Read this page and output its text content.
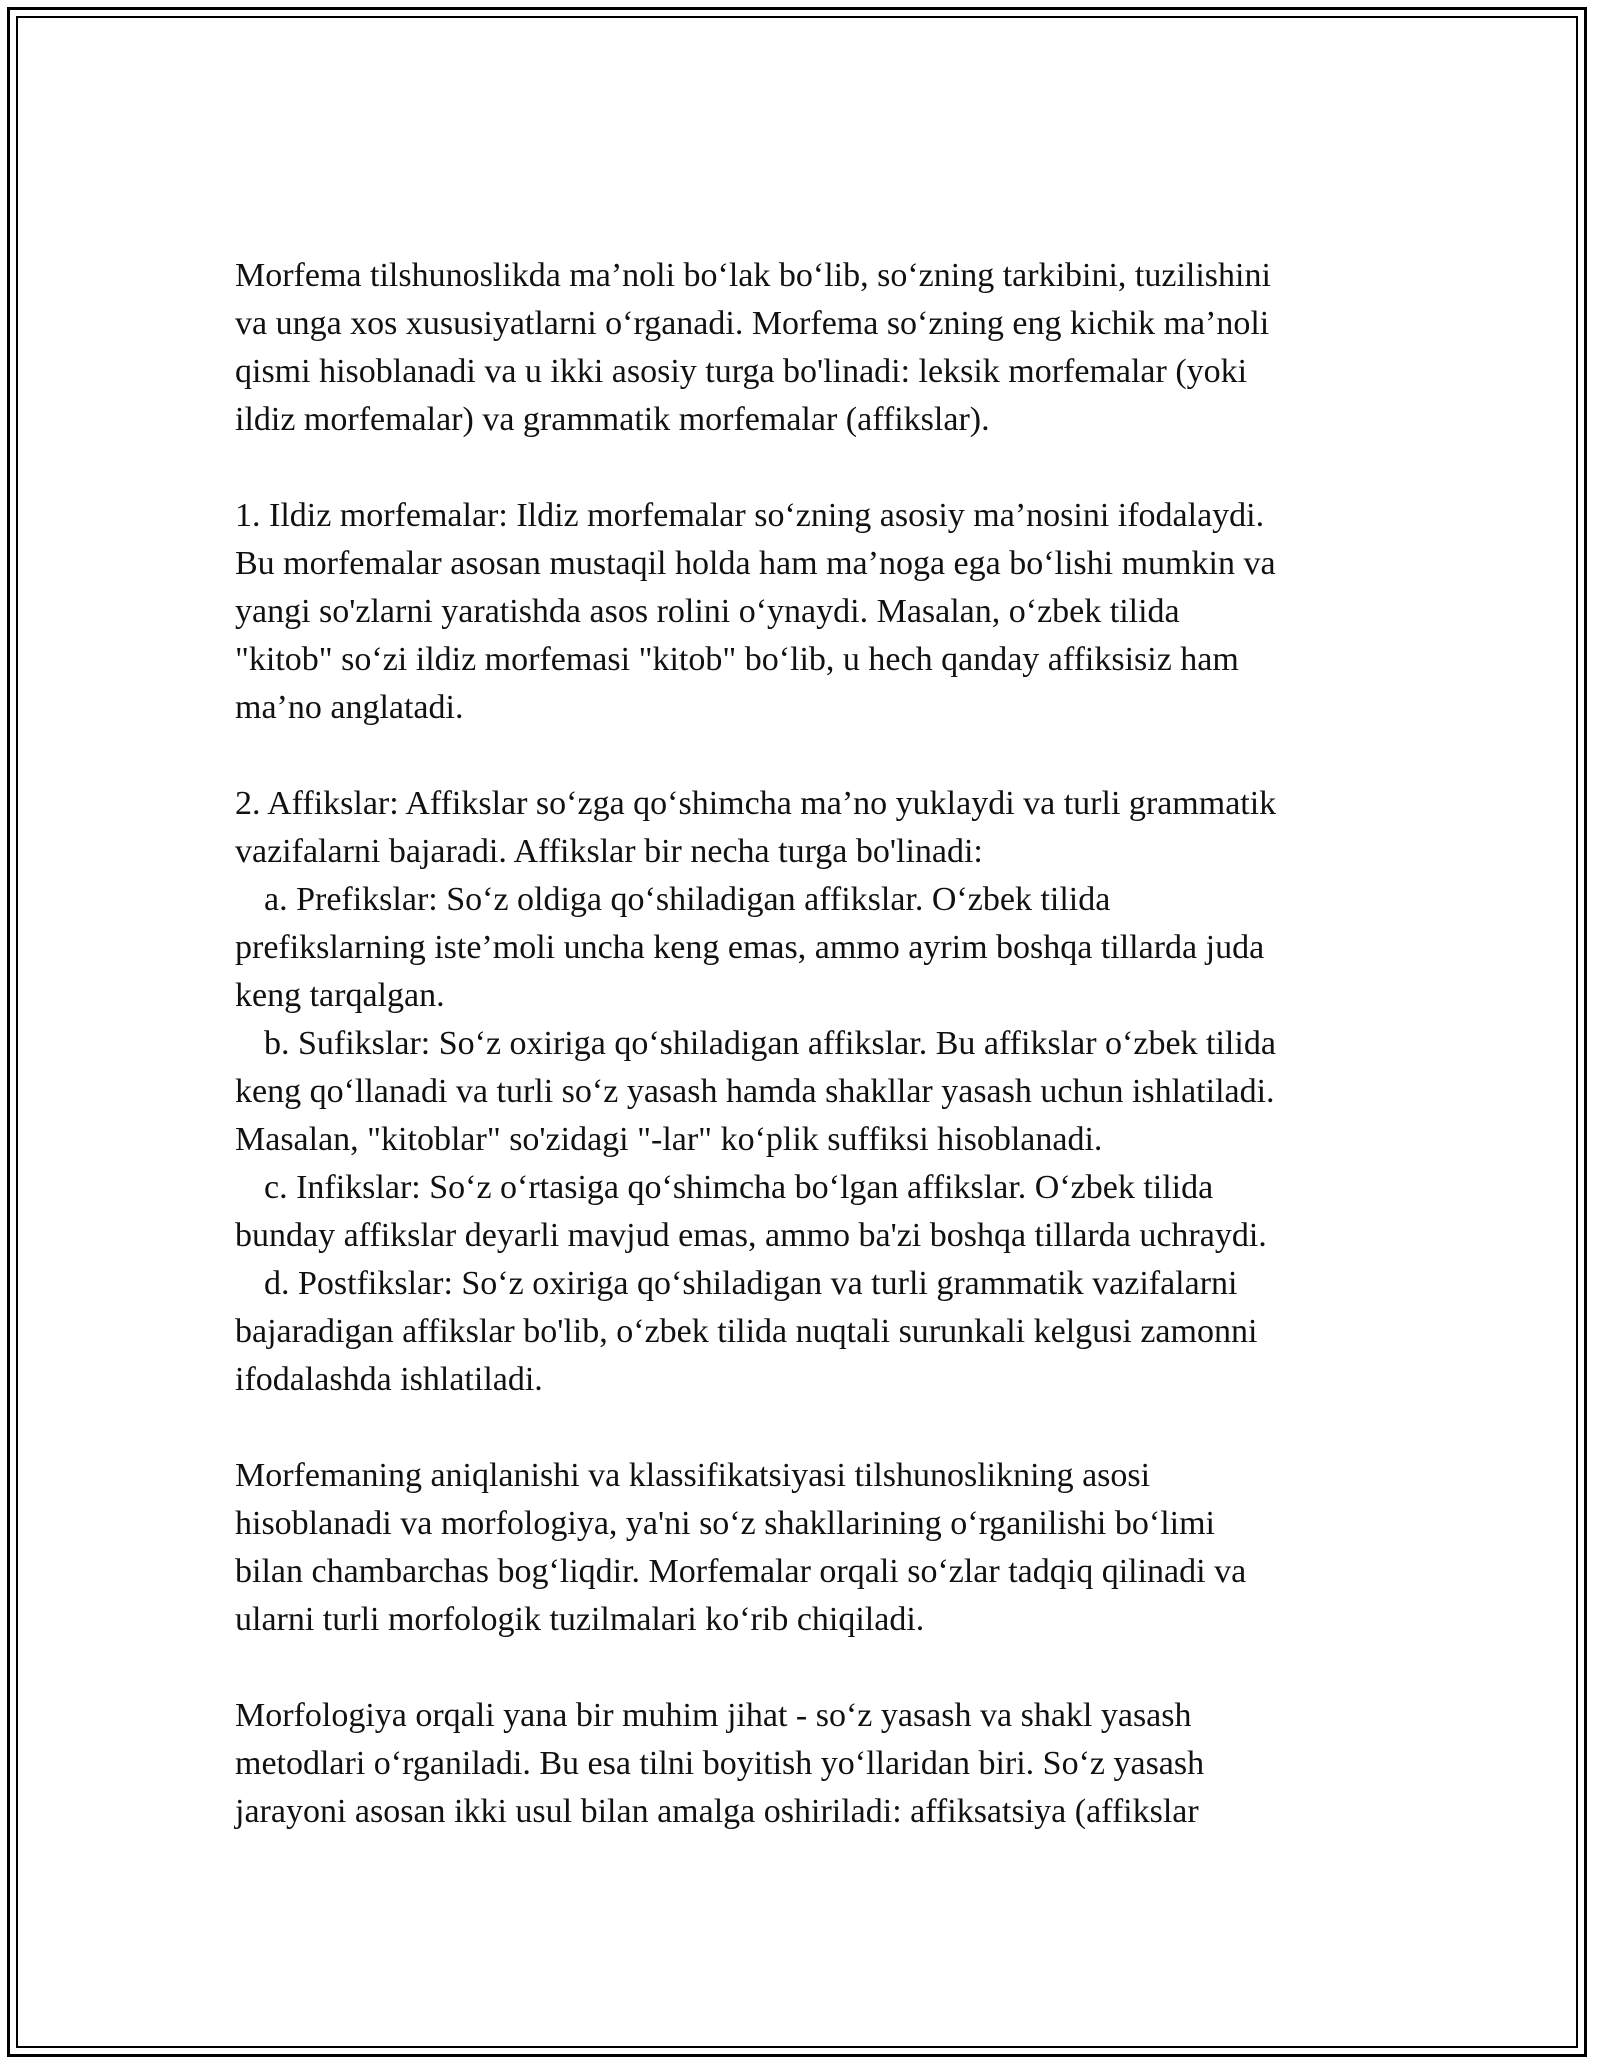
Morfema tilshunoslikda ma’noli bo‘lak bo‘lib, so‘zning tarkibini, tuzilishini
va unga xos xususiyatlarni o‘rganadi. Morfema so‘zning eng kichik ma’noli
qismi hisoblanadi va u ikki asosiy turga bo'linadi: leksik morfemalar (yoki
ildiz morfemalar) va grammatik morfemalar (affikslar).
1. Ildiz morfemalar: Ildiz morfemalar so‘zning asosiy ma’nosini ifodalaydi.
Bu morfemalar asosan mustaqil holda ham ma’noga ega bo‘lishi mumkin va
yangi so'zlarni yaratishda asos rolini o‘ynaydi. Masalan, o‘zbek tilida
"kitob" so‘zi ildiz morfemasi "kitob" bo‘lib, u hech qanday affiksisiz ham
ma’no anglatadi.
2. Affikslar: Affikslar so‘zga qo‘shimcha ma’no yuklaydi va turli grammatik
vazifalarni bajaradi. Affikslar bir necha turga bo'linadi:
a. Prefikslar: So‘z oldiga qo‘shiladigan affikslar. O‘zbek tilida
prefikslarning iste’moli uncha keng emas, ammo ayrim boshqa tillarda juda
keng tarqalgan.
b. Sufikslar: So‘z oxiriga qo‘shiladigan affikslar. Bu affikslar o‘zbek tilida
keng qo‘llanadi va turli so‘z yasash hamda shakllar yasash uchun ishlatiladi.
Masalan, "kitoblar" so'zidagi "-lar" ko‘plik suffiksi hisoblanadi.
c. Infikslar: So‘z o‘rtasiga qo‘shimcha bo‘lgan affikslar. O‘zbek tilida
bunday affikslar deyarli mavjud emas, ammo ba'zi boshqa tillarda uchraydi.
d. Postfikslar: So‘z oxiriga qo‘shiladigan va turli grammatik vazifalarni
bajaradigan affikslar bo'lib, o‘zbek tilida nuqtali surunkali kelgusi zamonni
ifodalashda ishlatiladi.
Morfemaning aniqlanishi va klassifikatsiyasi tilshunoslikning asosi
hisoblanadi va morfologiya, ya'ni so‘z shakllarining o‘rganilishi bo‘limi
bilan chambarchas bog‘liqdir. Morfemalar orqali so‘zlar tadqiq qilinadi va
ularni turli morfologik tuzilmalari ko‘rib chiqiladi.
Morfologiya orqali yana bir muhim jihat - so‘z yasash va shakl yasash
metodlari o‘rganiladi. Bu esa tilni boyitish yo‘llaridan biri. So‘z yasash
jarayoni asosan ikki usul bilan amalga oshiriladi: affiksatsiya (affikslar
